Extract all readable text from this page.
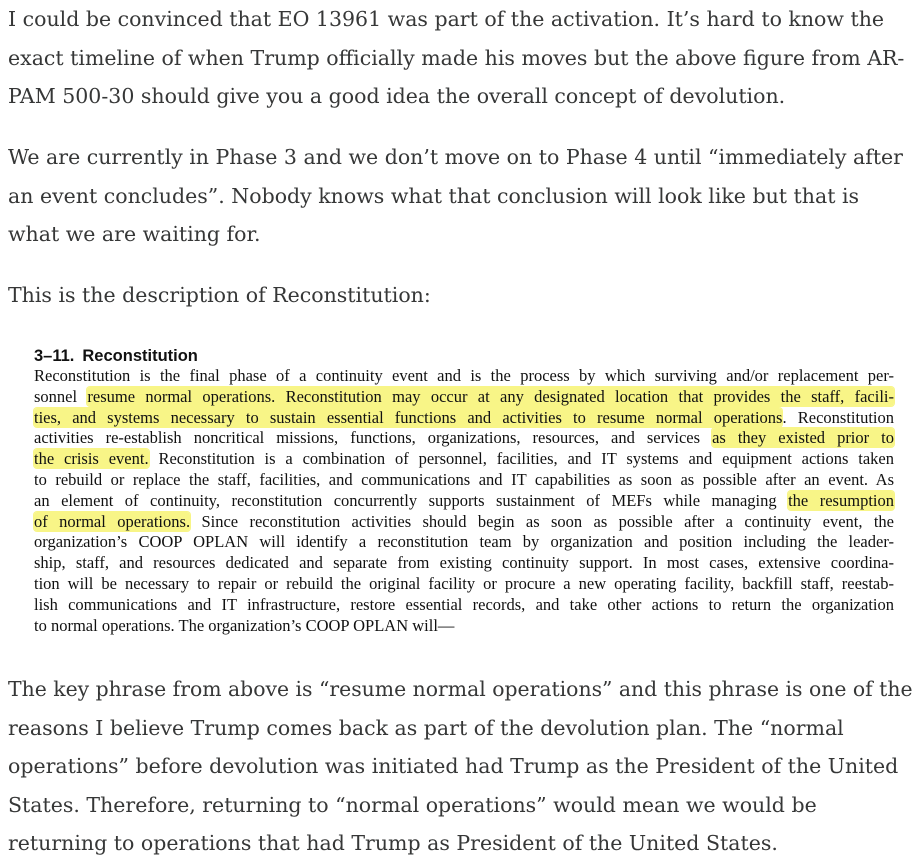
I could be convinced that EO 13961 was part of the activation. It’s hard to know the
exact timeline of when Trump officially made his moves but the above figure from AR-
PAM 500-30 should give you a good idea the overall concept of devolution.
We are currently in Phase 3 and we don’t move on to Phase 4 until “immediately after
an event concludes”. Nobody knows what that conclusion will look like but that is
what we are waiting for.
This is the description of Reconstitution:

3–11. Reconstitution

Reconstitution is the final phase of a continuity event and is the process by which surviving and/or replacement per-
sonnel resume normal operations. Reconstitution may occur at any designated location that provides the staff, facili-
ties, and systems necessary to sustain essential functions and activities to resume normal operations. Reconstitution
activities re-establish noncritical missions, functions, organizations, resources, and services as they existed prior to
the crisis event. Reconstitution is a combination of personnel, facilities, and IT systems and equipment actions taken
to rebuild or replace the staff, facilities, and communications and IT capabilities as soon as possible after an event. As
an element of continuity, reconstitution concurrently supports sustainment of MEFs while managing the resumption
of normal operations. Since reconstitution activities should begin as soon as possible after a continuity event, the
organization’s COOP OPLAN will identify a reconstitution team by organization and position including the leader-
ship, staff, and resources dedicated and separate from existing continuity support. In most cases, extensive coordina-
tion will be necessary to repair or rebuild the original facility or procure a new operating facility, backfill staff, reestab-
lish communications and IT infrastructure, restore essential records, and take other actions to return the organization
to normal operations. The organization’s COOP OPLAN will—
The key phrase from above is “resume normal operations” and this phrase is one of the
reasons I believe Trump comes back as part of the devolution plan. The “normal
operations” before devolution was initiated had Trump as the President of the United
States. Therefore, returning to “normal operations” would mean we would be
returning to operations that had Trump as President of the United States.
